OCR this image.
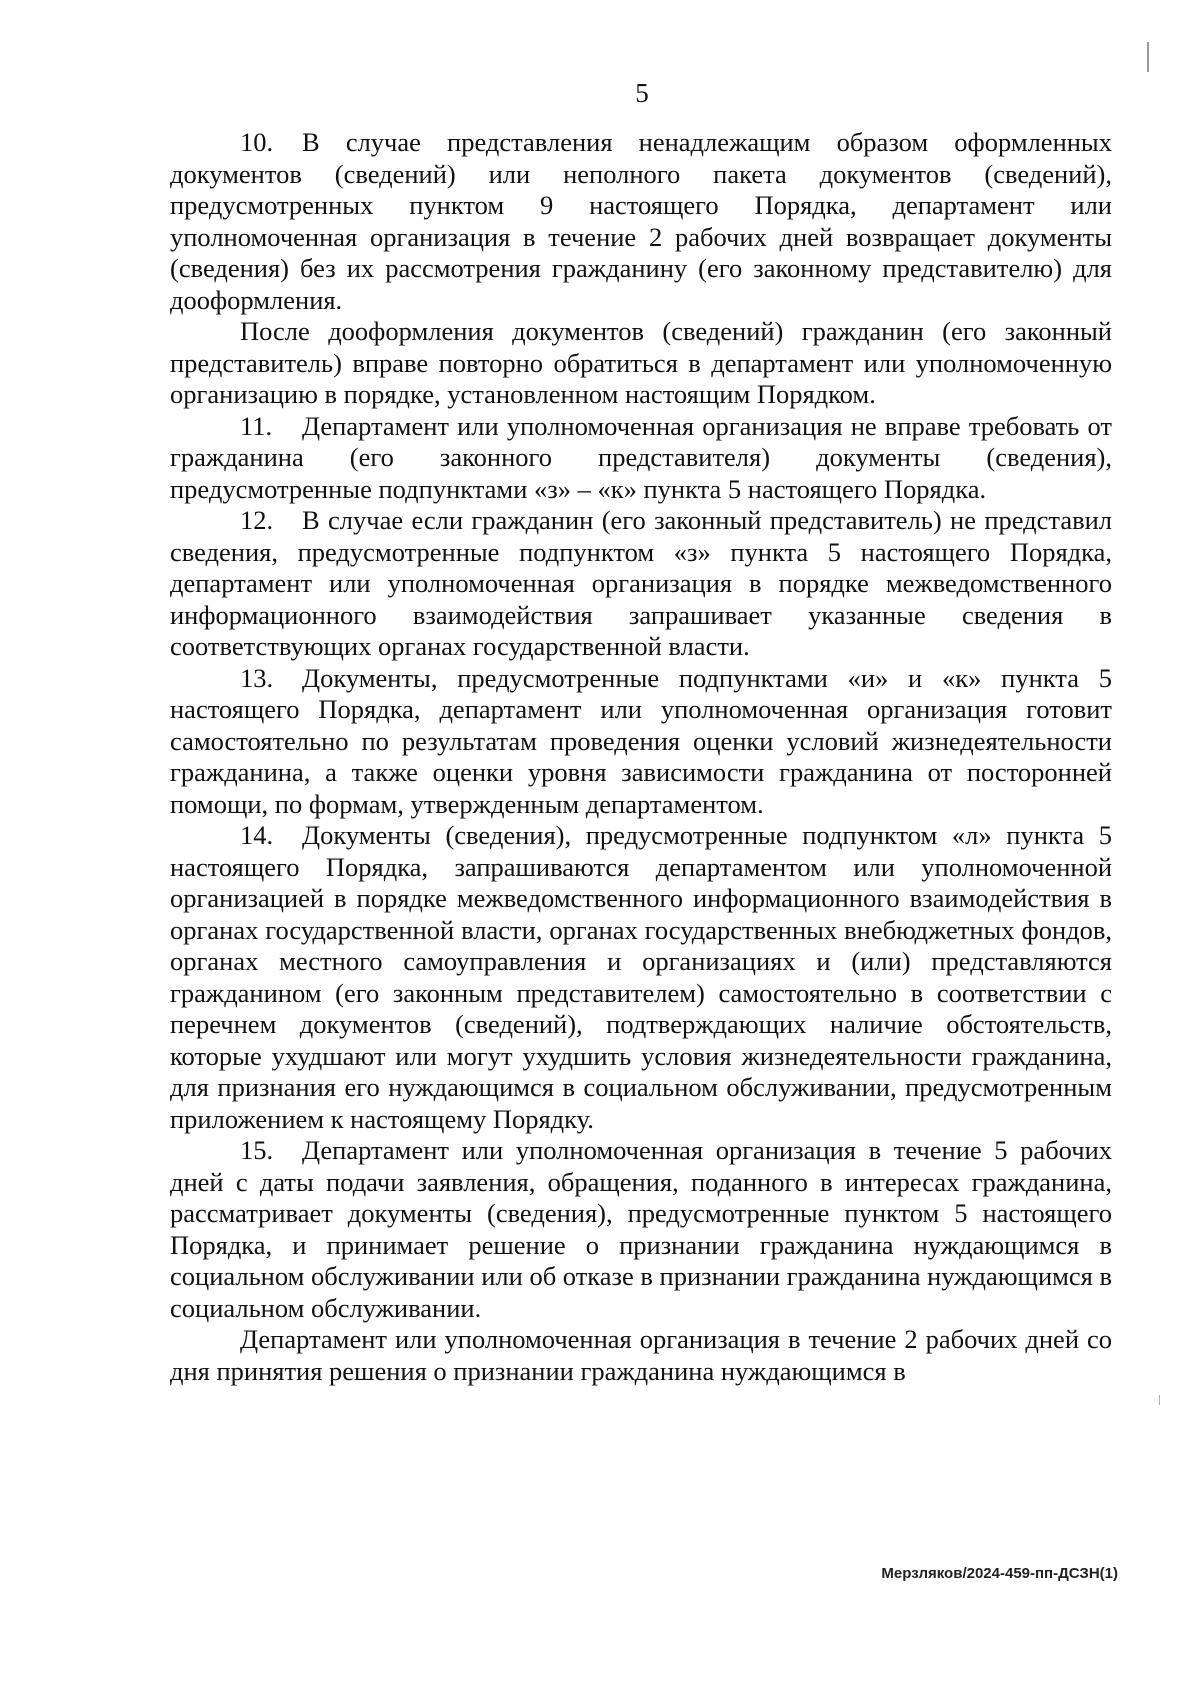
5

10. В случае представления ненадлежащим образом оформленных документов (сведений) или неполного пакета документов (сведений), предусмотренных пунктом 9 настоящего Порядка, департамент или уполномоченная организация в течение 2 рабочих дней возвращает документы (сведения) без их рассмотрения гражданину (его законному представителю) для дооформления.

После дооформления документов (сведений) гражданин (его законный представитель) вправе повторно обратиться в департамент или уполномоченную организацию в порядке, установленном настоящим Порядком.

11. Департамент или уполномоченная организация не вправе требовать от гражданина (его законного представителя) документы (сведения), предусмотренные подпунктами «з» – «к» пункта 5 настоящего Порядка.

12. В случае если гражданин (его законный представитель) не представил сведения, предусмотренные подпунктом «з» пункта 5 настоящего Порядка, департамент или уполномоченная организация в порядке межведомственного информационного взаимодействия запрашивает указанные сведения в соответствующих органах государственной власти.

13. Документы, предусмотренные подпунктами «и» и «к» пункта 5 настоящего Порядка, департамент или уполномоченная организация готовит самостоятельно по результатам проведения оценки условий жизнедеятельности гражданина, а также оценки уровня зависимости гражданина от посторонней помощи, по формам, утвержденным департаментом.

14. Документы (сведения), предусмотренные подпунктом «л» пункта 5 настоящего Порядка, запрашиваются департаментом или уполномоченной организацией в порядке межведомственного информационного взаимодействия в органах государственной власти, органах государственных внебюджетных фондов, органах местного самоуправления и организациях и (или) представляются гражданином (его законным представителем) самостоятельно в соответствии с перечнем документов (сведений), подтверждающих наличие обстоятельств, которые ухудшают или могут ухудшить условия жизнедеятельности гражданина, для признания его нуждающимся в социальном обслуживании, предусмотренным приложением к настоящему Порядку.

15. Департамент или уполномоченная организация в течение 5 рабочих дней с даты подачи заявления, обращения, поданного в интересах гражданина, рассматривает документы (сведения), предусмотренные пунктом 5 настоящего Порядка, и принимает решение о признании гражданина нуждающимся в социальном обслуживании или об отказе в признании гражданина нуждающимся в социальном обслуживании.

Департамент или уполномоченная организация в течение 2 рабочих дней со дня принятия решения о признании гражданина нуждающимся в

Мерзляков/2024-459-пп-ДСЗН(1)
